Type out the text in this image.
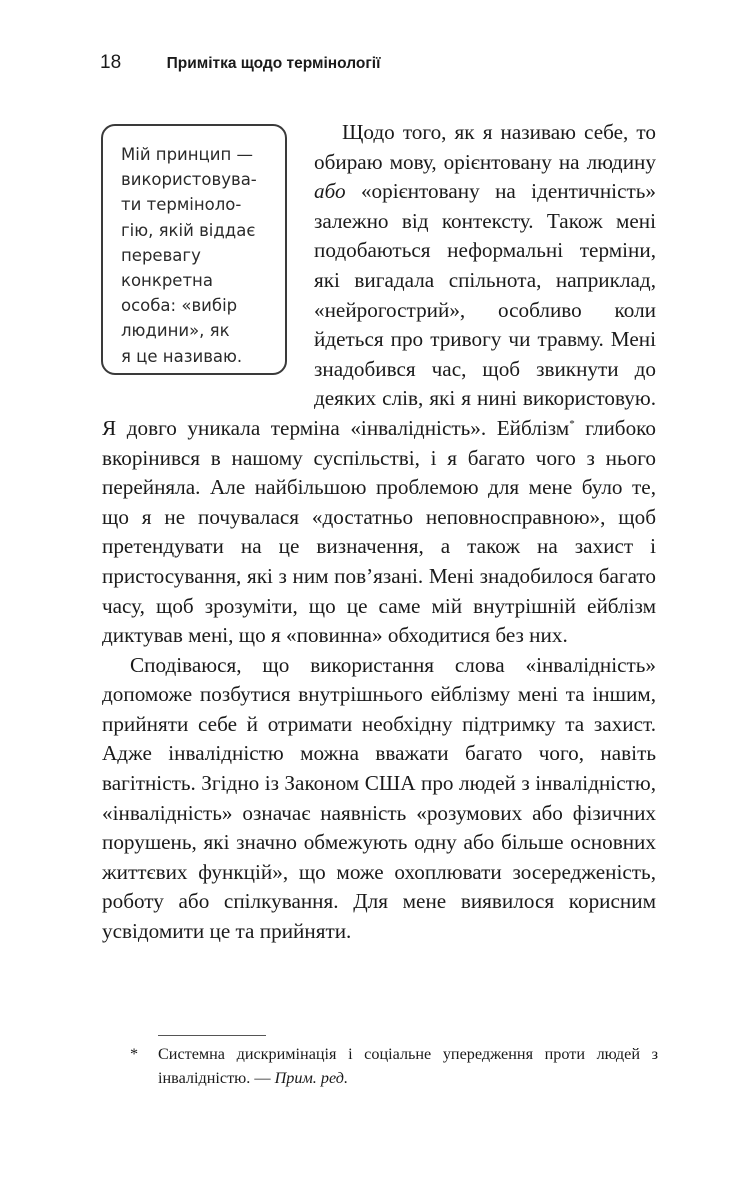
18	Примітка щодо термінології
Мій принцип —
використовува-
ти терміноло-
гію, якій віддає
перевагу
конкретна
особа: «вибір
людини», як
я це називаю.

Щодо того, як я називаю себе, то обираю мову, орієнтовану на людину або «орієнтовану на ідентичність» залежно від контексту. Також мені подобаються неформальні терміни, які вигадала спільнота, наприклад, «нейрогострий», особливо коли йдеться про тривогу чи травму. Мені знадобився час, щоб звикнути до деяких слів, які я нині використовую. Я довго уникала терміна «інвалідність». Ейблізм* глибоко вкорінився в нашому суспільстві, і я багато чого з нього перейняла. Але найбільшою проблемою для мене було те, що я не почувалася «достатньо неповносправною», щоб претендувати на це визначення, а також на захист і пристосування, які з ним пов’язані. Мені знадобилося багато часу, щоб зрозуміти, що це саме мій внутрішній ейблізм диктував мені, що я «повинна» обходитися без них.

Сподіваюся, що використання слова «інвалідність» допоможе позбутися внутрішнього ейблізму мені та іншим, прийняти себе й отримати необхідну підтримку та захист. Адже інвалідністю можна вважати багато чого, навіть вагітність. Згідно із Законом США про людей з інвалідністю, «інвалідність» означає наявність «розумових або фізичних порушень, які значно обмежують одну або більше основних життєвих функцій», що може охоплювати зосередженість, роботу або спілкування. Для мене виявилося корисним усвідомити це та прийняти.

* Системна дискримінація і соціальне упередження проти людей з інвалідністю. — Прим. ред.
